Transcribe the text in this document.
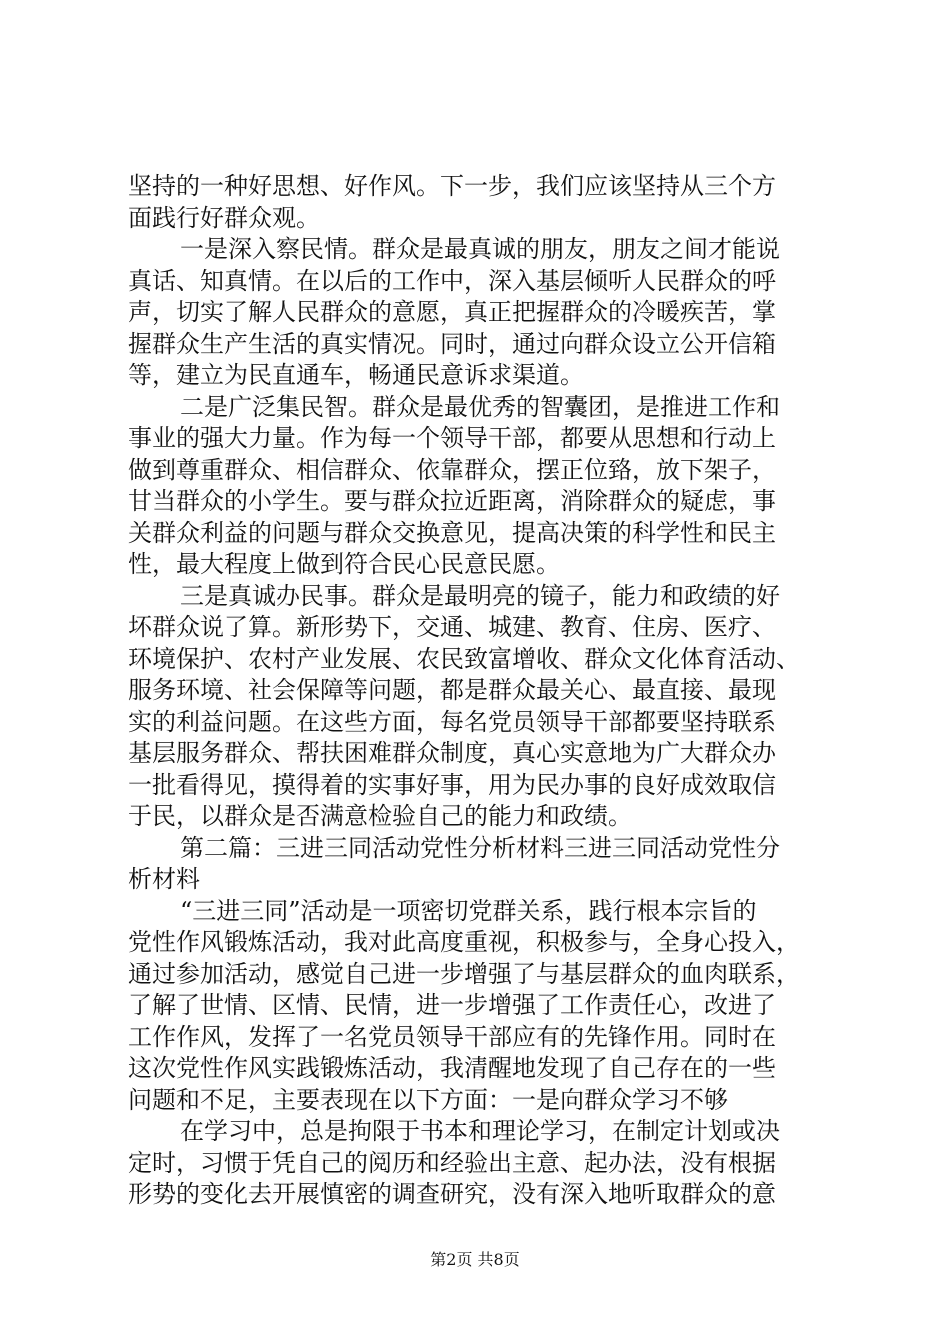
坚持的一种好思想、好作风。下一步，我们应该坚持从三个方
面践行好群众观。
一是深入察民情。群众是最真诚的朋友，朋友之间才能说
真话、知真情。在以后的工作中，深入基层倾听人民群众的呼
声，切实了解人民群众的意愿，真正把握群众的冷暖疾苦，掌
握群众生产生活的真实情况。同时，通过向群众设立公开信箱
等，建立为民直通车，畅通民意诉求渠道。
二是广泛集民智。群众是最优秀的智囊团，是推进工作和
事业的强大力量。作为每一个领导干部，都要从思想和行动上
做到尊重群众、相信群众、依靠群众，摆正位臵，放下架子，
甘当群众的小学生。要与群众拉近距离，消除群众的疑虑，事
关群众利益的问题与群众交换意见，提高决策的科学性和民主
性，最大程度上做到符合民心民意民愿。
三是真诚办民事。群众是最明亮的镜子，能力和政绩的好
坏群众说了算。新形势下，交通、城建、教育、住房、医疗、
环境保护、农村产业发展、农民致富增收、群众文化体育活动、
服务环境、社会保障等问题，都是群众最关心、最直接、最现
实的利益问题。在这些方面，每名党员领导干部都要坚持联系
基层服务群众、帮扶困难群众制度，真心实意地为广大群众办
一批看得见，摸得着的实事好事，用为民办事的良好成效取信
于民，以群众是否满意检验自己的能力和政绩。
第二篇：三进三同活动党性分析材料三进三同活动党性分
析材料
“三进三同”活动是一项密切党群关系，践行根本宗旨的
党性作风锻炼活动，我对此高度重视，积极参与，全身心投入，
通过参加活动，感觉自己进一步增强了与基层群众的血肉联系，
了解了世情、区情、民情，进一步增强了工作责任心，改进了
工作作风，发挥了一名党员领导干部应有的先锋作用。同时在
这次党性作风实践锻炼活动，我清醒地发现了自己存在的一些
问题和不足，主要表现在以下方面：一是向群众学习不够
在学习中，总是拘限于书本和理论学习，在制定计划或决
定时，习惯于凭自己的阅历和经验出主意、起办法，没有根据
形势的变化去开展慎密的调查研究，没有深入地听取群众的意
第2页 共8页
